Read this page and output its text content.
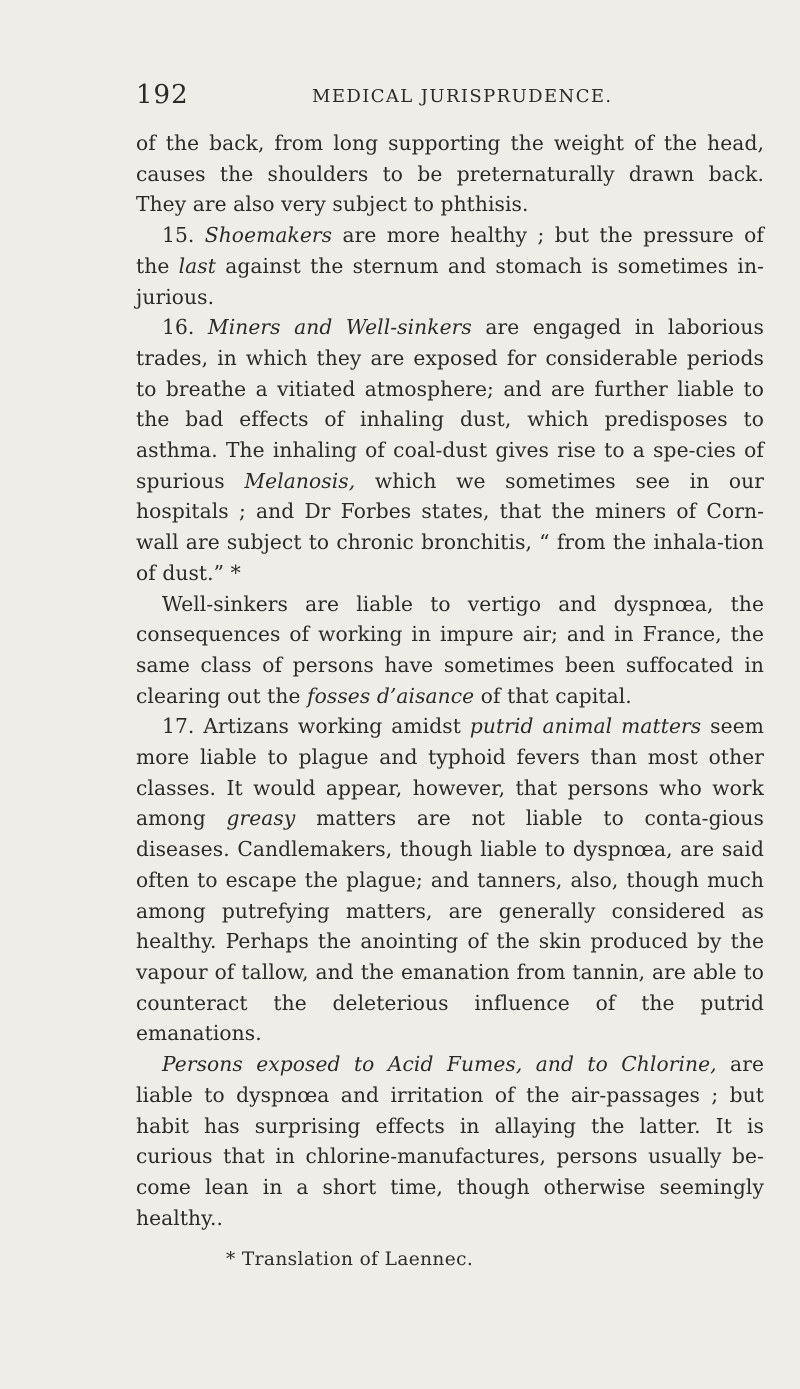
192	MEDICAL JURISPRUDENCE.

of the back, from long supporting the weight of the head, causes the shoulders to be preternaturally drawn back. They are also very subject to phthisis.

15. Shoemakers are more healthy ; but the pressure of the last against the sternum and stomach is sometimes in-jurious.

16. Miners and Well-sinkers are engaged in laborious trades, in which they are exposed for considerable periods to breathe a vitiated atmosphere; and are further liable to the bad effects of inhaling dust, which predisposes to asthma. The inhaling of coal-dust gives rise to a spe-cies of spurious Melanosis, which we sometimes see in our hospitals ; and Dr Forbes states, that the miners of Corn-wall are subject to chronic bronchitis, “ from the inhala-tion of dust.” *

Well-sinkers are liable to vertigo and dyspnœa, the consequences of working in impure air; and in France, the same class of persons have sometimes been suffocated in clearing out the fosses d’aisance of that capital.

17. Artizans working amidst putrid animal matters seem more liable to plague and typhoid fevers than most other classes. It would appear, however, that persons who work among greasy matters are not liable to conta-gious diseases. Candlemakers, though liable to dyspnœa, are said often to escape the plague; and tanners, also, though much among putrefying matters, are generally considered as healthy. Perhaps the anointing of the skin produced by the vapour of tallow, and the emanation from tannin, are able to counteract the deleterious influence of the putrid emanations.

Persons exposed to Acid Fumes, and to Chlorine, are liable to dyspnœa and irritation of the air-passages ; but habit has surprising effects in allaying the latter. It is curious that in chlorine-manufactures, persons usually be-come lean in a short time, though otherwise seemingly healthy..

* Translation of Laennec.
